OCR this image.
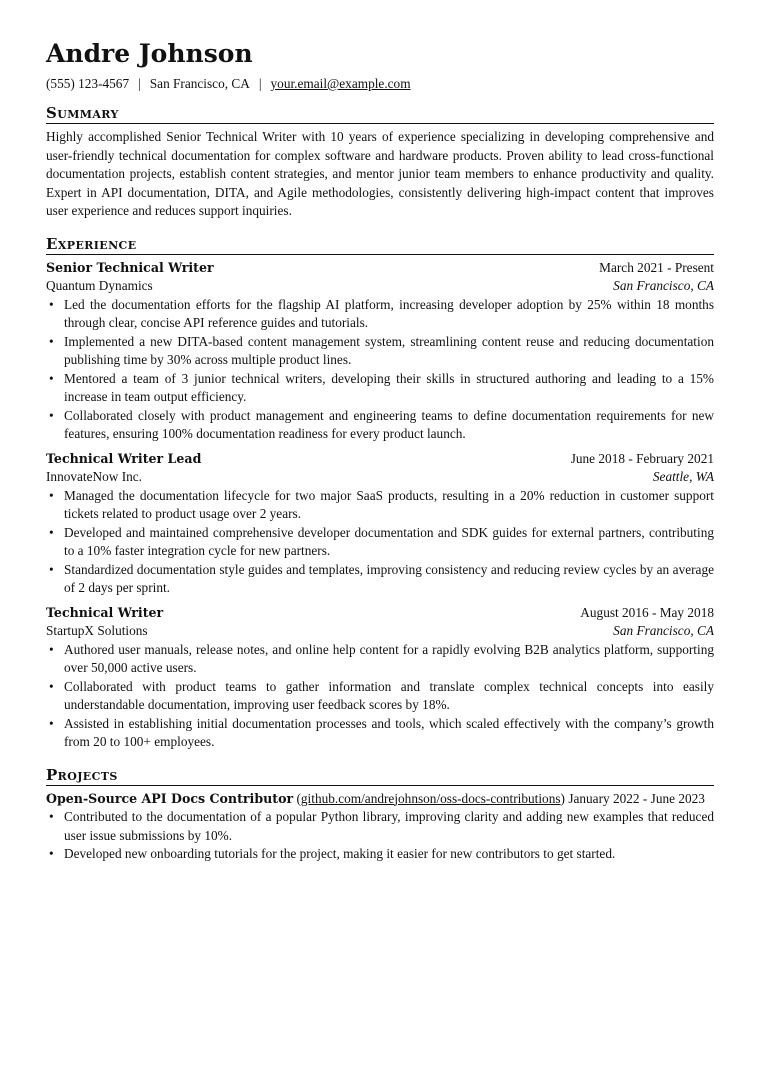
Andre Johnson
(555) 123-4567 | San Francisco, CA | your.email@example.com
Summary
Highly accomplished Senior Technical Writer with 10 years of experience specializing in developing comprehensive and user-friendly technical documentation for complex software and hardware products. Proven ability to lead cross-functional documentation projects, establish content strategies, and mentor junior team members to enhance productivity and quality. Expert in API documentation, DITA, and Agile methodologies, consistently delivering high-impact content that improves user experience and reduces support inquiries.
Experience
Senior Technical Writer	March 2021 - Present
Quantum Dynamics	San Francisco, CA
• Led the documentation efforts for the flagship AI platform, increasing developer adoption by 25% within 18 months through clear, concise API reference guides and tutorials.
• Implemented a new DITA-based content management system, streamlining content reuse and reducing documentation publishing time by 30% across multiple product lines.
• Mentored a team of 3 junior technical writers, developing their skills in structured authoring and leading to a 15% increase in team output efficiency.
• Collaborated closely with product management and engineering teams to define documentation requirements for new features, ensuring 100% documentation readiness for every product launch.
Technical Writer Lead	June 2018 - February 2021
InnovateNow Inc.	Seattle, WA
• Managed the documentation lifecycle for two major SaaS products, resulting in a 20% reduction in customer support tickets related to product usage over 2 years.
• Developed and maintained comprehensive developer documentation and SDK guides for external partners, contributing to a 10% faster integration cycle for new partners.
• Standardized documentation style guides and templates, improving consistency and reducing review cycles by an average of 2 days per sprint.
Technical Writer	August 2016 - May 2018
StartupX Solutions	San Francisco, CA
• Authored user manuals, release notes, and online help content for a rapidly evolving B2B analytics platform, supporting over 50,000 active users.
• Collaborated with product teams to gather information and translate complex technical concepts into easily understandable documentation, improving user feedback scores by 18%.
• Assisted in establishing initial documentation processes and tools, which scaled effectively with the company’s growth from 20 to 100+ employees.
Projects
Open-Source API Docs Contributor (github.com/andrejohnson/oss-docs-contributions) January 2022 - June 2023
• Contributed to the documentation of a popular Python library, improving clarity and adding new examples that reduced user issue submissions by 10%.
• Developed new onboarding tutorials for the project, making it easier for new contributors to get started.
